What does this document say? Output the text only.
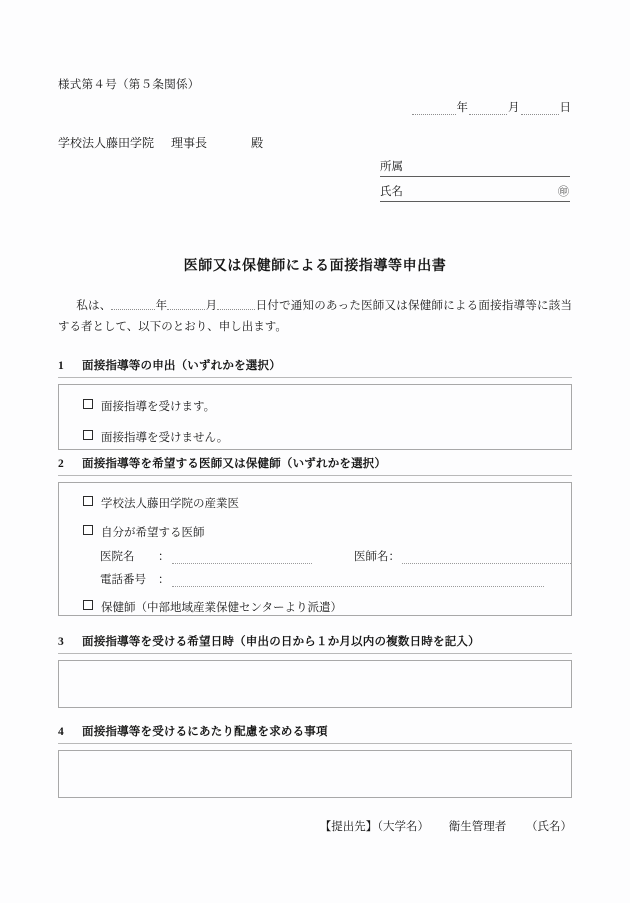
様式第４号（第５条関係）
年	月	日
学校法人藤田学院 理事長	殿
所属
氏名	㊞
医師又は保健師による面接指導等申出書
私は、	年	月	日付で通知のあった医師又は保健師による面接指導等に該当する者として、以下のとおり、申し出ます。
1 面接指導等の申出（いずれかを選択）
面接指導を受けます。
面接指導を受けません。
2 面接指導等を希望する医師又は保健師（いずれかを選択）
学校法人藤田学院の産業医
自分が希望する医師
医院名	：	医師名 ：
電話番号	：
保健師（中部地域産業保健センターより派遣）
3 面接指導等を受ける希望日時（申出の日から１か月以内の複数日時を記入）
4 面接指導等を受けるにあたり配慮を求める事項
【提出先】（大学名） 衛生管理者 （氏名）
